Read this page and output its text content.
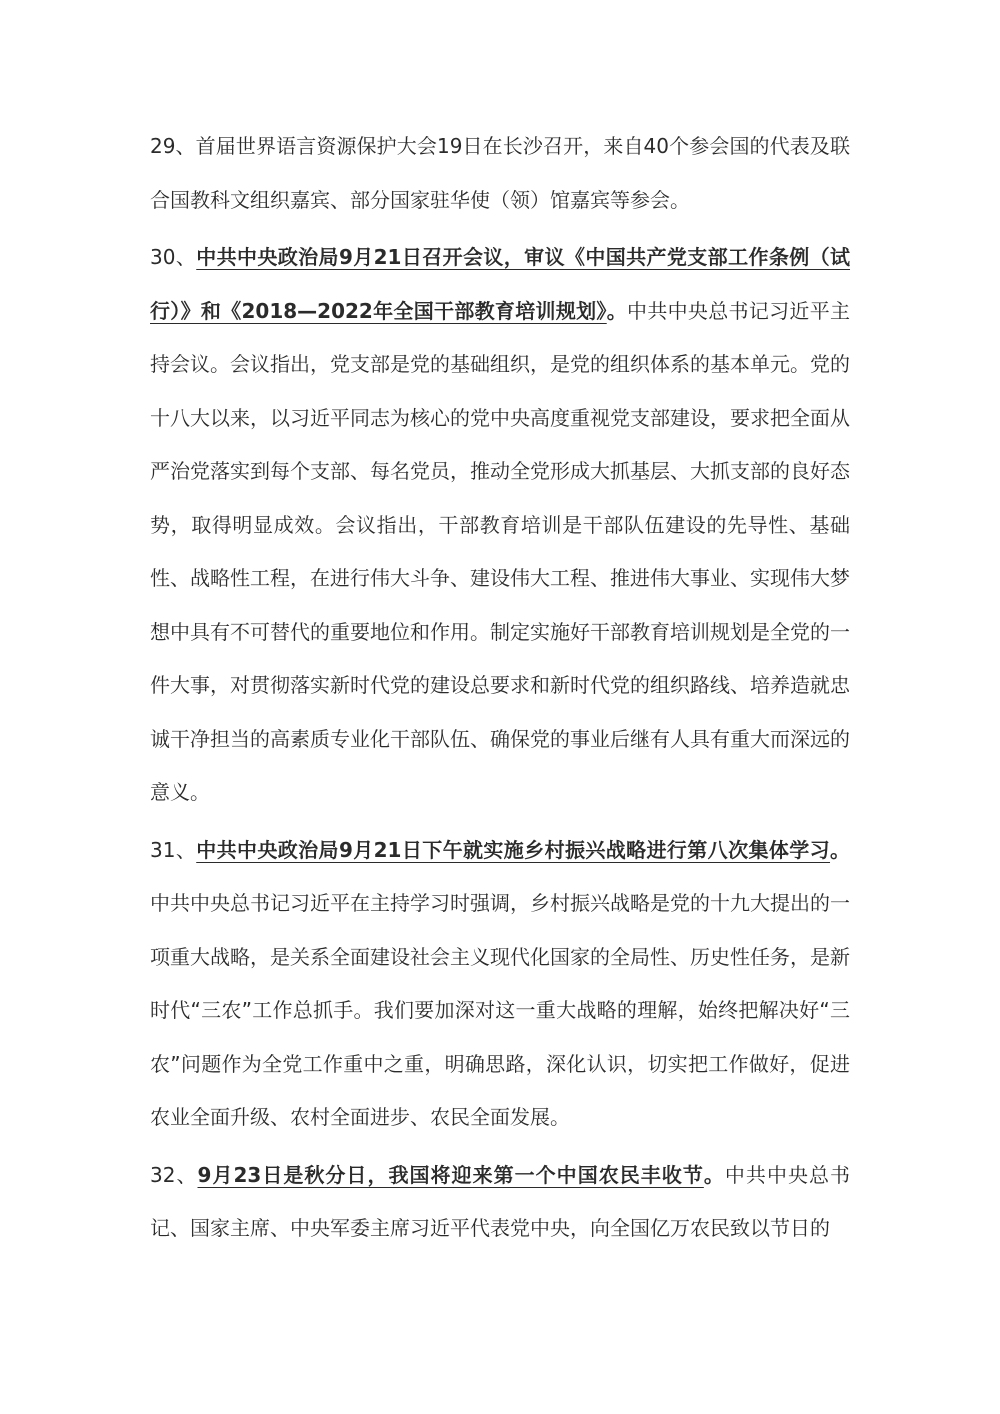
29、首届世界语言资源保护大会19日在长沙召开，来自40个参会国的代表及联合国教科文组织嘉宾、部分国家驻华使（领）馆嘉宾等参会。

30、中共中央政治局9月21日召开会议，审议《中国共产党支部工作条例（试行）》和《2018—2022年全国干部教育培训规划》。中共中央总书记习近平主持会议。会议指出，党支部是党的基础组织，是党的组织体系的基本单元。党的十八大以来，以习近平同志为核心的党中央高度重视党支部建设，要求把全面从严治党落实到每个支部、每名党员，推动全党形成大抓基层、大抓支部的良好态势，取得明显成效。会议指出，干部教育培训是干部队伍建设的先导性、基础性、战略性工程，在进行伟大斗争、建设伟大工程、推进伟大事业、实现伟大梦想中具有不可替代的重要地位和作用。制定实施好干部教育培训规划是全党的一件大事，对贯彻落实新时代党的建设总要求和新时代党的组织路线、培养造就忠诚干净担当的高素质专业化干部队伍、确保党的事业后继有人具有重大而深远的意义。

31、中共中央政治局9月21日下午就实施乡村振兴战略进行第八次集体学习。中共中央总书记习近平在主持学习时强调，乡村振兴战略是党的十九大提出的一项重大战略，是关系全面建设社会主义现代化国家的全局性、历史性任务，是新时代“三农”工作总抓手。我们要加深对这一重大战略的理解，始终把解决好“三农”问题作为全党工作重中之重，明确思路，深化认识，切实把工作做好，促进农业全面升级、农村全面进步、农民全面发展。

32、9月23日是秋分日，我国将迎来第一个中国农民丰收节。中共中央总书记、国家主席、中央军委主席习近平代表党中央，向全国亿万农民致以节日的
